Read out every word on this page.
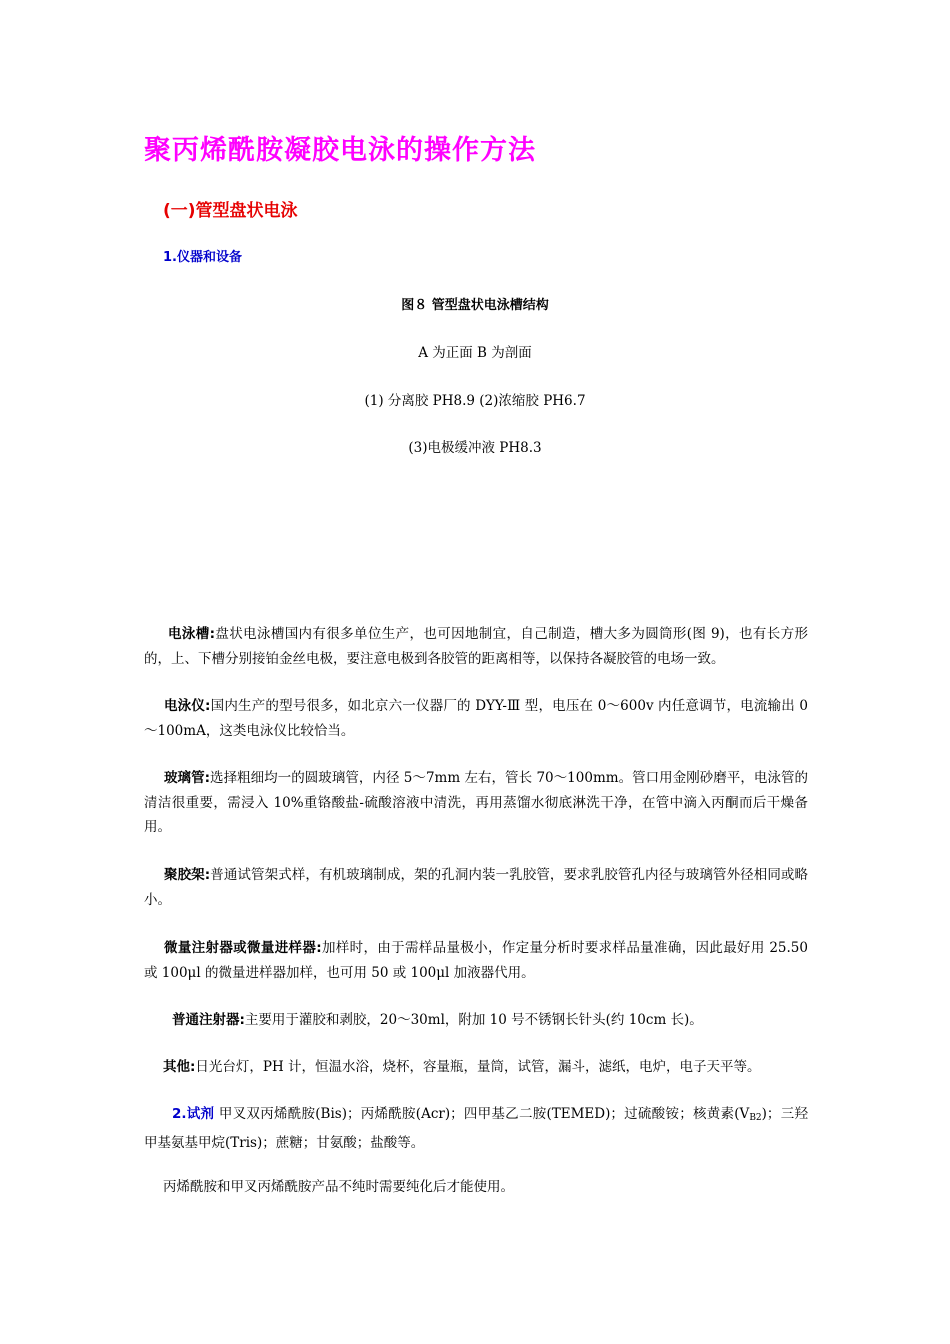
聚丙烯酰胺凝胶电泳的操作方法
(一)管型盘状电泳
1.仪器和设备
图８ 管型盘状电泳槽结构
A 为正面 B 为剖面
(1) 分离胶 PH8.9 (2)浓缩胶 PH6.7
(3)电极缓冲液 PH8.3
电泳槽:盘状电泳槽国内有很多单位生产，也可因地制宜，自己制造，槽大多为圆筒形(图 9)，也有长方形的，上、下槽分别接铂金丝电极，要注意电极到各胶管的距离相等，以保持各凝胶管的电场一致。
电泳仪:国内生产的型号很多，如北京六一仪器厂的 DYY-Ⅲ 型，电压在 0～600v 内任意调节，电流输出 0～100mA，这类电泳仪比较恰当。
玻璃管:选择粗细均一的圆玻璃管，内径 5～7mm 左右，管长 70～100mm。管口用金刚砂磨平，电泳管的清洁很重要，需浸入 10%重铬酸盐-硫酸溶液中清洗，再用蒸馏水彻底淋洗干净，在管中滴入丙酮而后干燥备用。
聚胶架:普通试管架式样，有机玻璃制成，架的孔洞内装一乳胶管，要求乳胶管孔内径与玻璃管外径相同或略小。
微量注射器或微量进样器:加样时，由于需样品量极小，作定量分析时要求样品量准确，因此最好用 25.50 或 100μl 的微量进样器加样，也可用 50 或 100μl 加液器代用。
普通注射器:主要用于灌胶和剥胶，20～30ml，附加 10 号不锈钢长针头(约 10cm 长)。
其他:日光台灯，PH 计，恒温水浴，烧杯，容量瓶，量筒，试管，漏斗，滤纸，电炉，电子天平等。
2.试剂 甲叉双丙烯酰胺(Bis)；丙烯酰胺(Acr)；四甲基乙二胺(TEMED)；过硫酸铵；核黄素$(V_{B2})$；三羟甲基氨基甲烷(Tris)；蔗糖；甘氨酸；盐酸等。
丙烯酰胺和甲叉丙烯酰胺产品不纯时需要纯化后才能使用。
